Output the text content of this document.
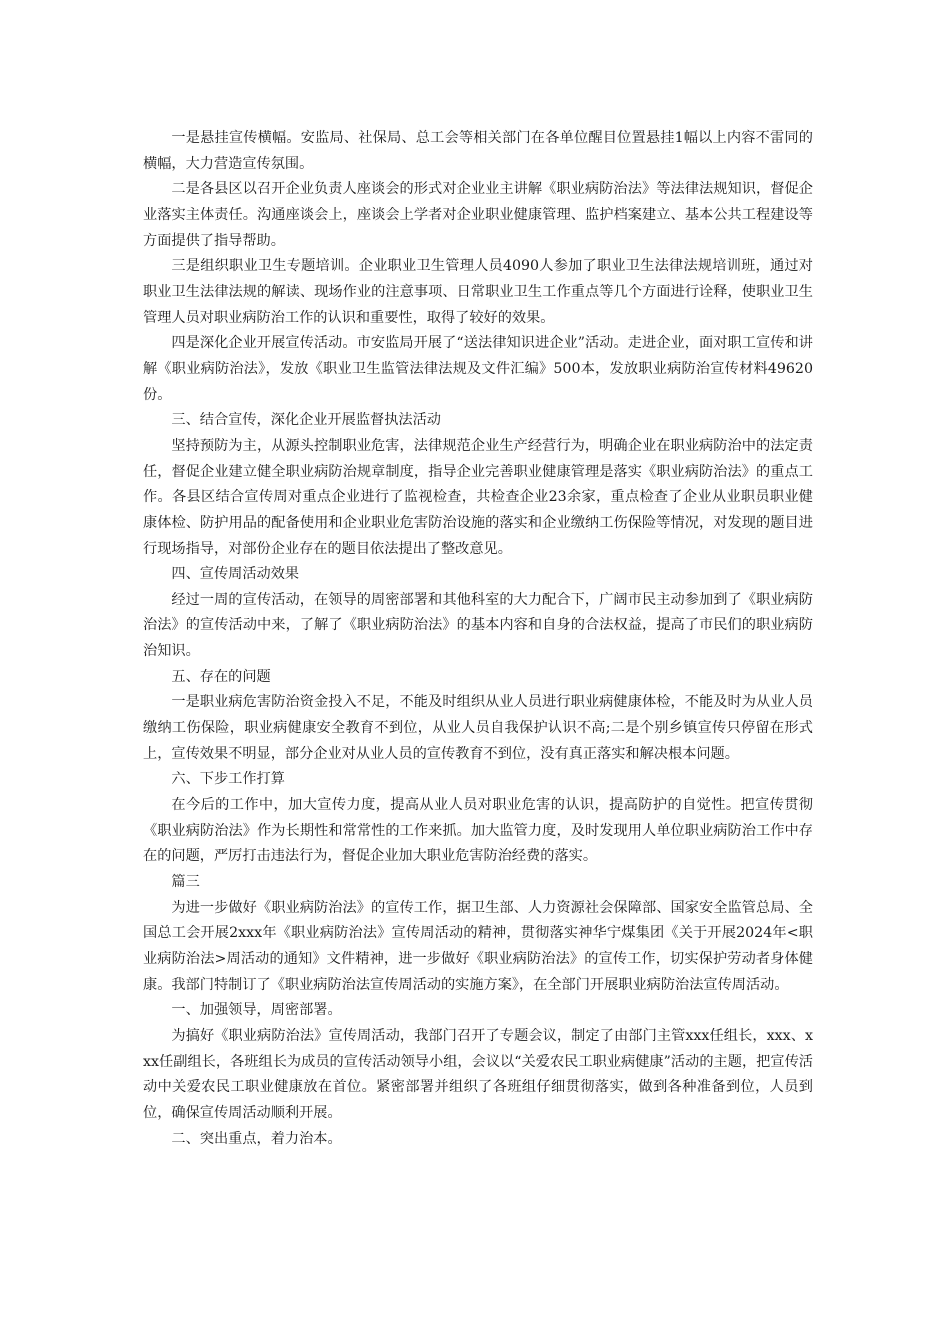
一是悬挂宣传横幅。安监局、社保局、总工会等相关部门在各单位醒目位置悬挂1幅以上内容不雷同的横幅，大力营造宣传氛围。

二是各县区以召开企业负责人座谈会的形式对企业业主讲解《职业病防治法》等法律法规知识，督促企业落实主体责任。沟通座谈会上，座谈会上学者对企业职业健康管理、监护档案建立、基本公共工程建设等方面提供了指导帮助。

三是组织职业卫生专题培训。企业职业卫生管理人员4090人参加了职业卫生法律法规培训班，通过对职业卫生法律法规的解读、现场作业的注意事项、日常职业卫生工作重点等几个方面进行诠释，使职业卫生管理人员对职业病防治工作的认识和重要性，取得了较好的效果。

四是深化企业开展宣传活动。市安监局开展了“送法律知识进企业”活动。走进企业，面对职工宣传和讲解《职业病防治法》，发放《职业卫生监管法律法规及文件汇编》500本，发放职业病防治宣传材料49620份。

三、结合宣传，深化企业开展监督执法活动

坚持预防为主，从源头控制职业危害，法律规范企业生产经营行为，明确企业在职业病防治中的法定责任，督促企业建立健全职业病防治规章制度，指导企业完善职业健康管理是落实《职业病防治法》的重点工作。各县区结合宣传周对重点企业进行了监视检查，共检查企业23余家，重点检查了企业从业职员职业健康体检、防护用品的配备使用和企业职业危害防治设施的落实和企业缴纳工伤保险等情况，对发现的题目进行现场指导，对部份企业存在的题目依法提出了整改意见。

四、宣传周活动效果

经过一周的宣传活动，在领导的周密部署和其他科室的大力配合下，广阔市民主动参加到了《职业病防治法》的宣传活动中来，了解了《职业病防治法》的基本内容和自身的合法权益，提高了市民们的职业病防治知识。

五、存在的问题

一是职业病危害防治资金投入不足，不能及时组织从业人员进行职业病健康体检，不能及时为从业人员缴纳工伤保险，职业病健康安全教育不到位，从业人员自我保护认识不高;二是个别乡镇宣传只停留在形式上，宣传效果不明显，部分企业对从业人员的宣传教育不到位，没有真正落实和解决根本问题。

六、下步工作打算

在今后的工作中，加大宣传力度，提高从业人员对职业危害的认识，提高防护的自觉性。把宣传贯彻《职业病防治法》作为长期性和常常性的工作来抓。加大监管力度，及时发现用人单位职业病防治工作中存在的问题，严厉打击违法行为，督促企业加大职业危害防治经费的落实。

篇三

为进一步做好《职业病防治法》的宣传工作，据卫生部、人力资源社会保障部、国家安全监管总局、全国总工会开展2xxx年《职业病防治法》宣传周活动的精神，贯彻落实神华宁煤集团《关于开展2024年<职业病防治法>周活动的通知》文件精神，进一步做好《职业病防治法》的宣传工作，切实保护劳动者身体健康。我部门特制订了《职业病防治法宣传周活动的实施方案》，在全部门开展职业病防治法宣传周活动。

一、加强领导，周密部署。

为搞好《职业病防治法》宣传周活动，我部门召开了专题会议，制定了由部门主管xxx任组长，xxx、xxx任副组长，各班组长为成员的宣传活动领导小组，会议以“关爱农民工职业病健康”活动的主题，把宣传活动中关爱农民工职业健康放在首位。紧密部署并组织了各班组仔细贯彻落实，做到各种准备到位，人员到位，确保宣传周活动顺利开展。

二、突出重点，着力治本。
